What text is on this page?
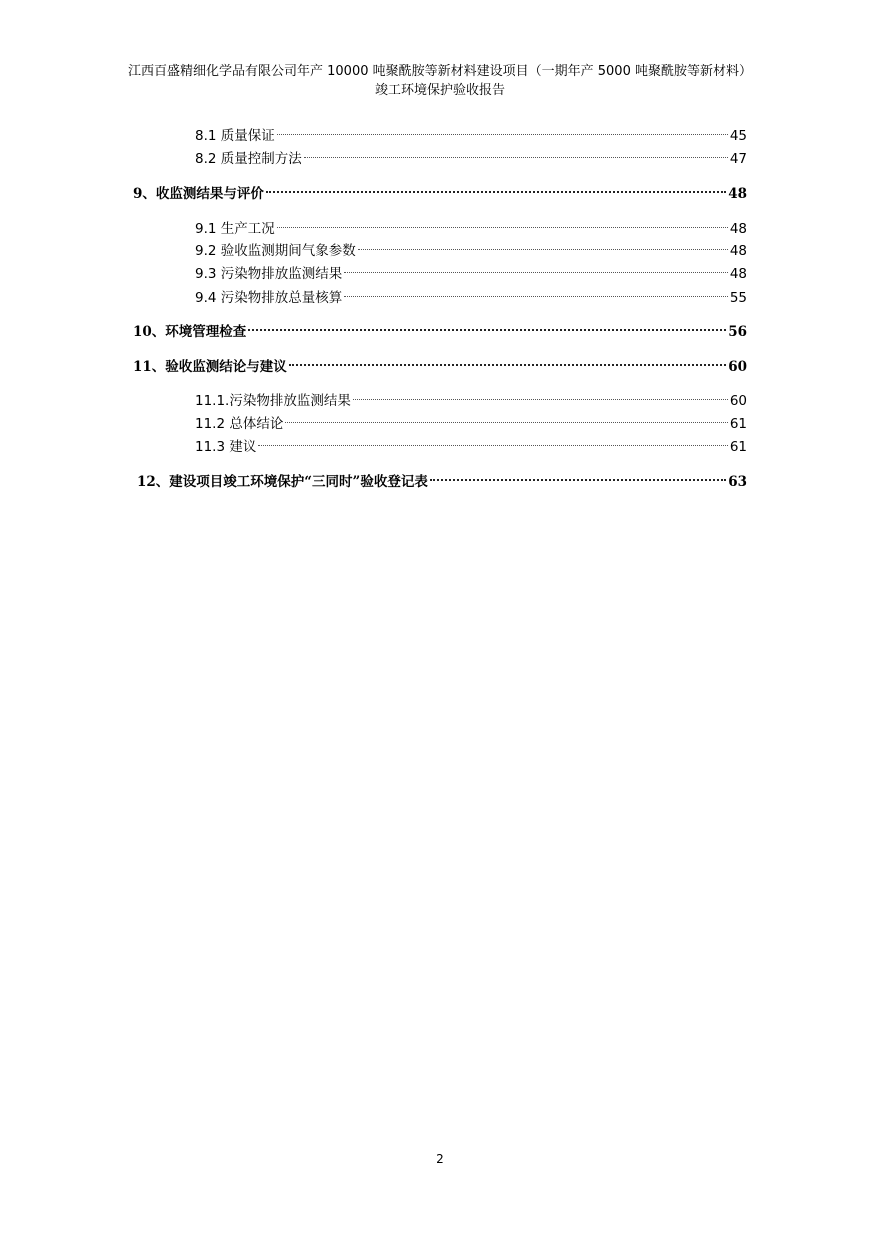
江西百盛精细化学品有限公司年产 10000 吨聚酰胺等新材料建设项目（一期年产 5000 吨聚酰胺等新材料）
竣工环境保护验收报告
8.1 质量保证	45
8.2 质量控制方法	47
9、收监测结果与评价	48
9.1 生产工况	48
9.2 验收监测期间气象参数	48
9.3 污染物排放监测结果	48
9.4 污染物排放总量核算	55
10、环境管理检查	56
11、验收监测结论与建议	60
11.1.污染物排放监测结果	60
11.2 总体结论	61
11.3 建议	61
12、建设项目竣工环境保护“三同时”验收登记表	63
2
